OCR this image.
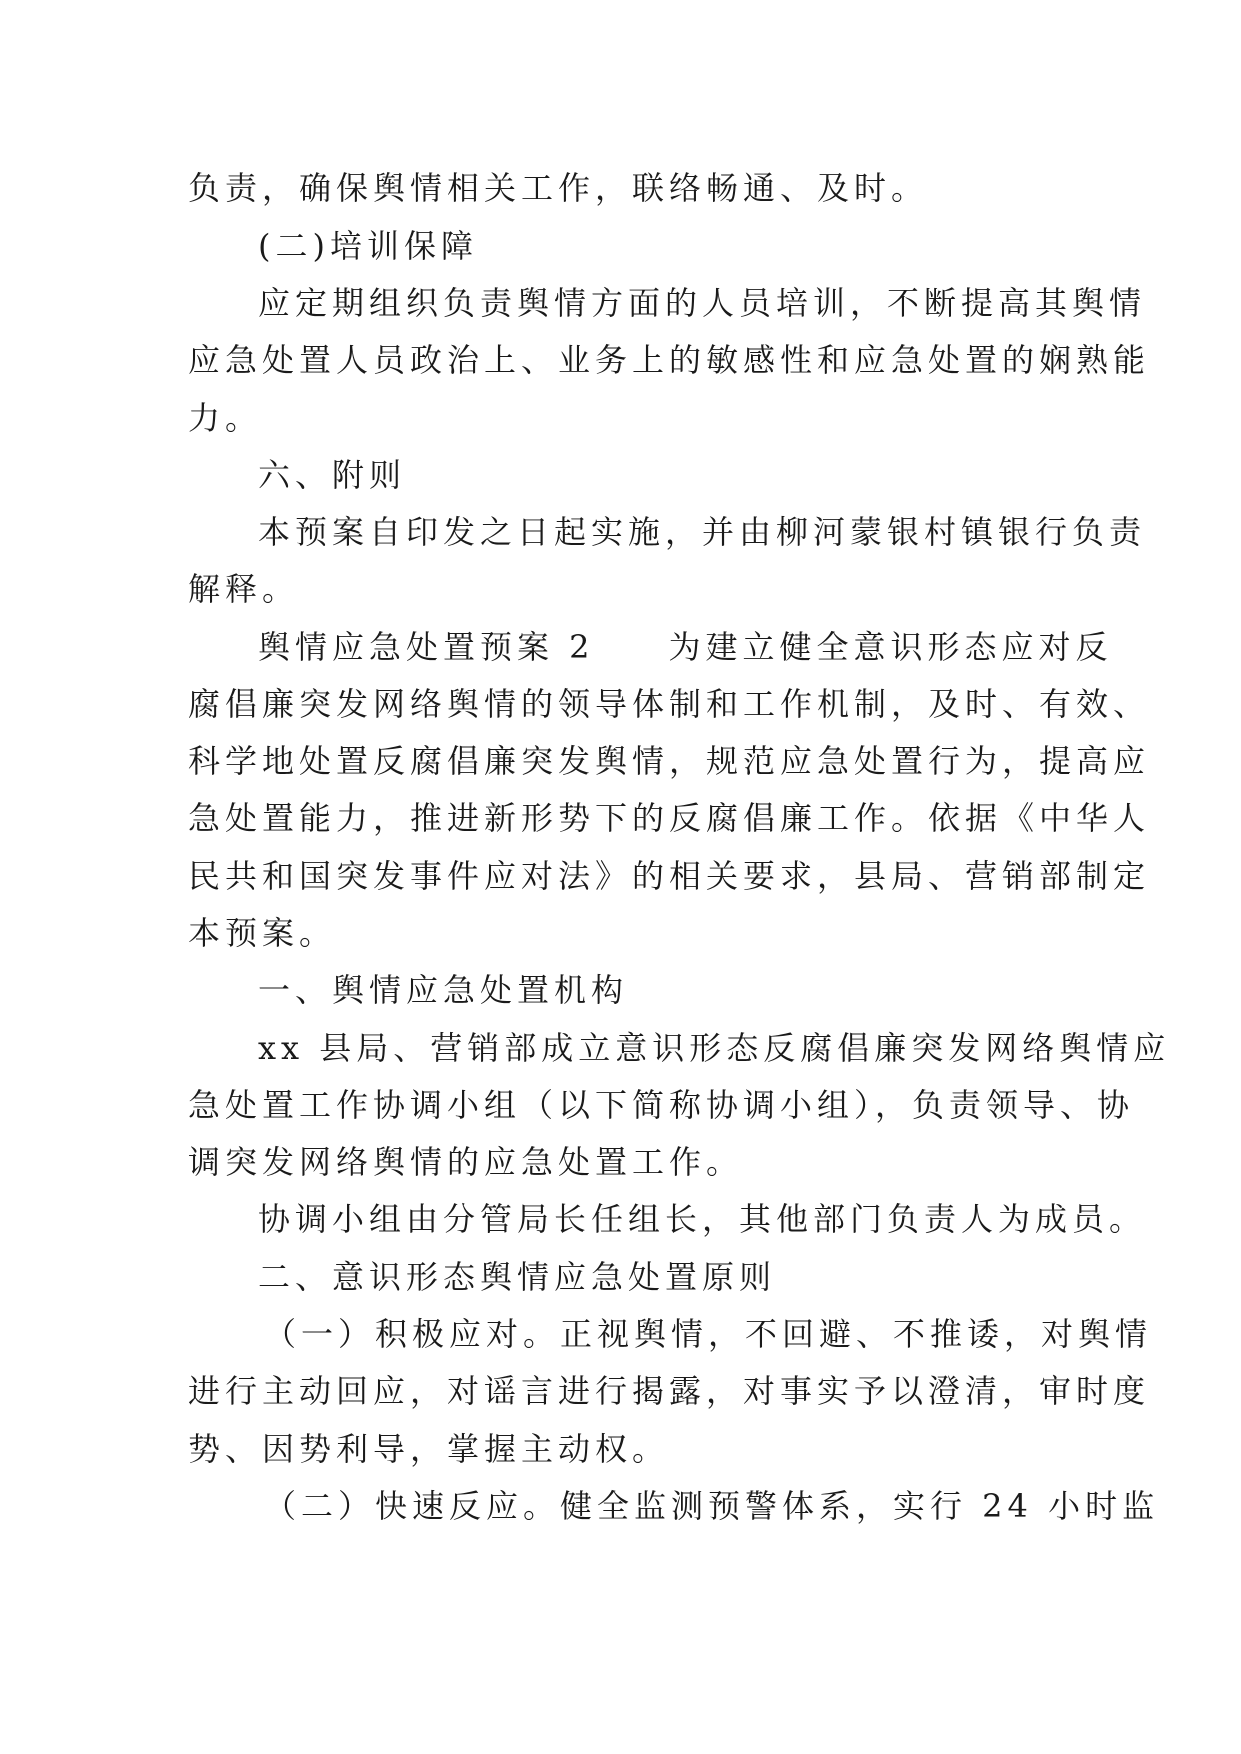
负责，确保舆情相关工作，联络畅通、及时。
(二)培训保障
应定期组织负责舆情方面的人员培训，不断提高其舆情
应急处置人员政治上、业务上的敏感性和应急处置的娴熟能
力。
六、附则
本预案自印发之日起实施，并由柳河蒙银村镇银行负责
解释。
舆情应急处置预案 2　　为建立健全意识形态应对反
腐倡廉突发网络舆情的领导体制和工作机制，及时、有效、
科学地处置反腐倡廉突发舆情，规范应急处置行为，提高应
急处置能力，推进新形势下的反腐倡廉工作。依据《中华人
民共和国突发事件应对法》的相关要求，县局、营销部制定
本预案。
一、舆情应急处置机构
xx 县局、营销部成立意识形态反腐倡廉突发网络舆情应
急处置工作协调小组（以下简称协调小组），负责领导、协
调突发网络舆情的应急处置工作。
协调小组由分管局长任组长，其他部门负责人为成员。
二、意识形态舆情应急处置原则
（一）积极应对。正视舆情，不回避、不推诿，对舆情
进行主动回应，对谣言进行揭露，对事实予以澄清，审时度
势、因势利导，掌握主动权。
（二）快速反应。健全监测预警体系，实行 24 小时监
